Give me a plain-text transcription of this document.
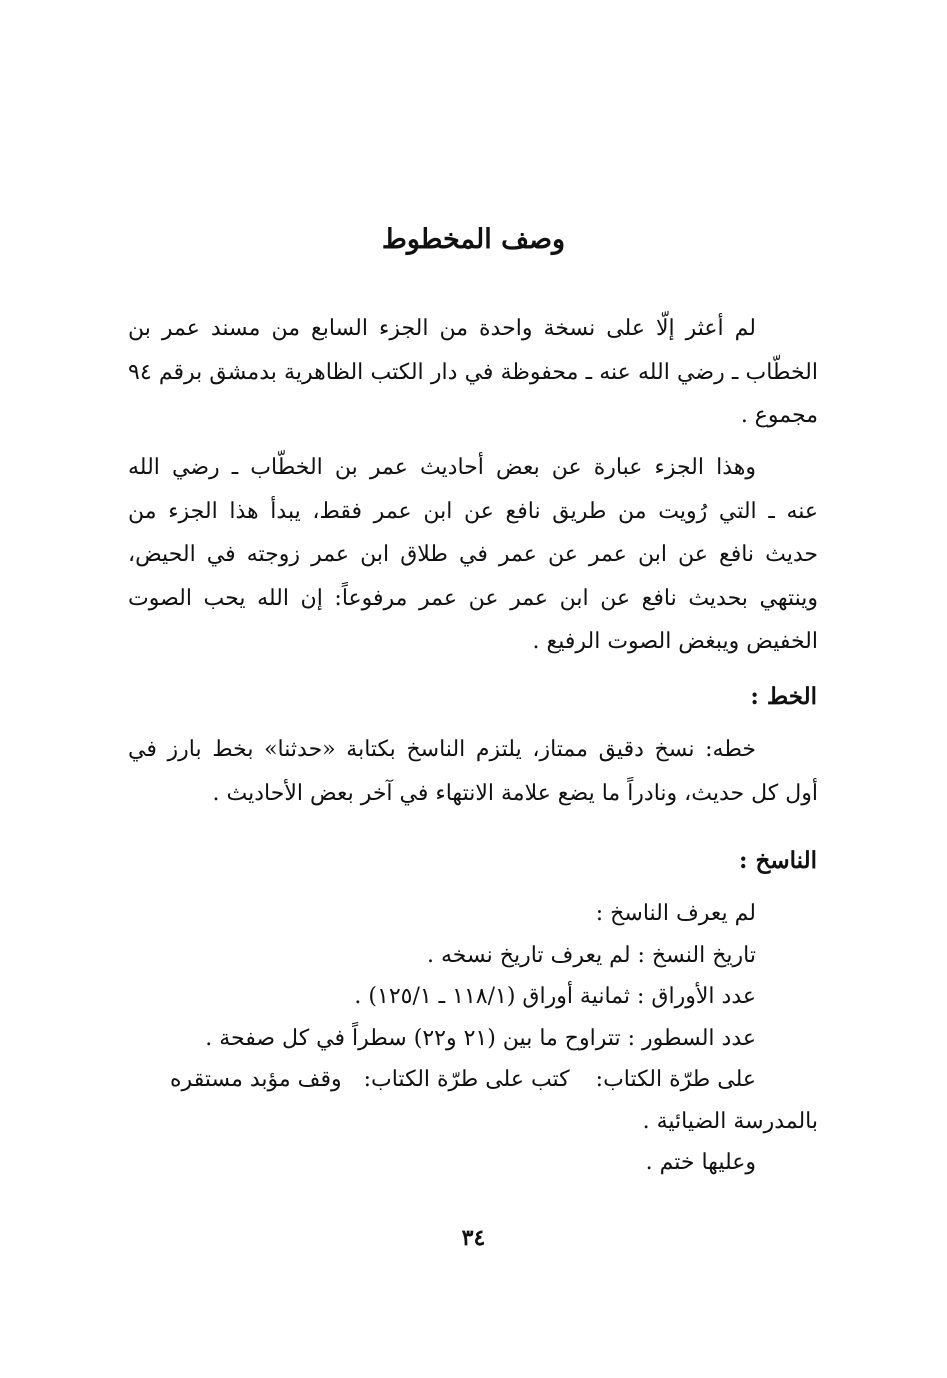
وصف المخطوط
لم أعثر إلّا على نسخة واحدة من الجزء السابع من مسند عمر بن
الخطّاب ـ رضي الله عنه ـ محفوظة في دار الكتب الظاهرية بدمشق برقم ٩٤
مجموع .
وهذا الجزء عبارة عن بعض أحاديث عمر بن الخطّاب ـ رضي الله
عنه ـ التي رُويت من طريق نافع عن ابن عمر فقط، يبدأ هذا الجزء من
حديث نافع عن ابن عمر عن عمر في طلاق ابن عمر زوجته في الحيض،
وينتهي بحديث نافع عن ابن عمر عن عمر مرفوعاً: إن الله يحب الصوت
الخفيض ويبغض الصوت الرفيع .
الخط :
خطه: نسخ دقيق ممتاز، يلتزم الناسخ بكتابة «حدثنا» بخط بارز في
أول كل حديث، ونادراً ما يضع علامة الانتهاء في آخر بعض الأحاديث .
الناسخ :
لم يعرف الناسخ :
تاريخ النسخ : لم يعرف تاريخ نسخه .
عدد الأوراق : ثمانية أوراق (١١٨/١ ـ ١٢٥/١) .
عدد السطور : تتراوح ما بين (٢١ و٢٢) سطراً في كل صفحة .
على طرّة الكتاب:كتب على طرّة الكتاب:وقف مؤبد مستقره
بالمدرسة الضيائية .
وعليها ختم .
٣٤
